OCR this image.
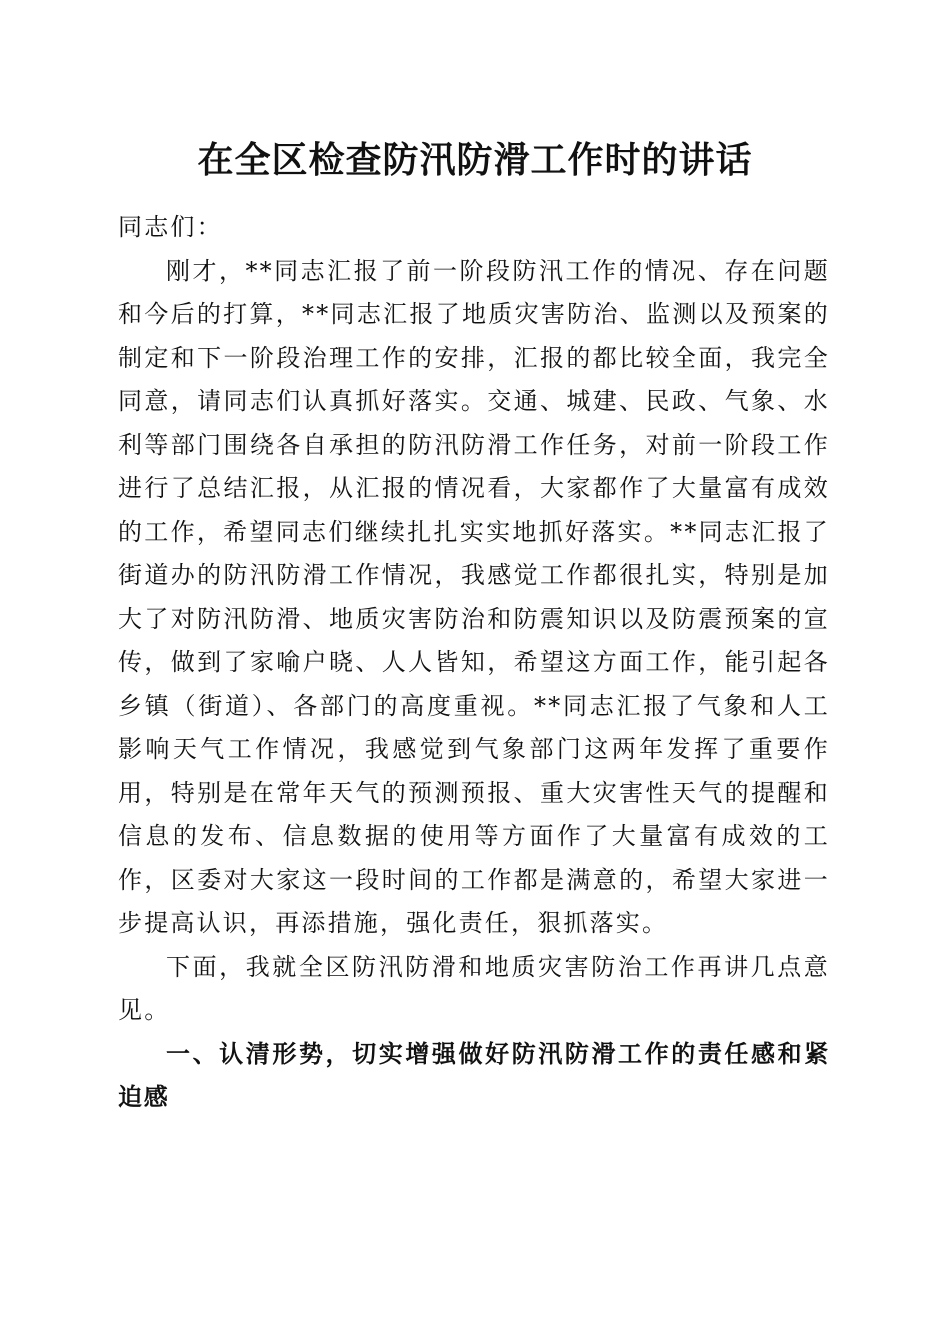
在全区检查防汛防滑工作时的讲话

同志们：

刚才，**同志汇报了前一阶段防汛工作的情况、存在问题和今后的打算，**同志汇报了地质灾害防治、监测以及预案的制定和下一阶段治理工作的安排，汇报的都比较全面，我完全同意，请同志们认真抓好落实。交通、城建、民政、气象、水利等部门围绕各自承担的防汛防滑工作任务，对前一阶段工作进行了总结汇报，从汇报的情况看，大家都作了大量富有成效的工作，希望同志们继续扎扎实实地抓好落实。**同志汇报了街道办的防汛防滑工作情况，我感觉工作都很扎实，特别是加大了对防汛防滑、地质灾害防治和防震知识以及防震预案的宣传，做到了家喻户晓、人人皆知，希望这方面工作，能引起各乡镇（街道）、各部门的高度重视。**同志汇报了气象和人工影响天气工作情况，我感觉到气象部门这两年发挥了重要作用，特别是在常年天气的预测预报、重大灾害性天气的提醒和信息的发布、信息数据的使用等方面作了大量富有成效的工作，区委对大家这一段时间的工作都是满意的，希望大家进一步提高认识，再添措施，强化责任，狠抓落实。

下面，我就全区防汛防滑和地质灾害防治工作再讲几点意见。

一、认清形势，切实增强做好防汛防滑工作的责任感和紧迫感
